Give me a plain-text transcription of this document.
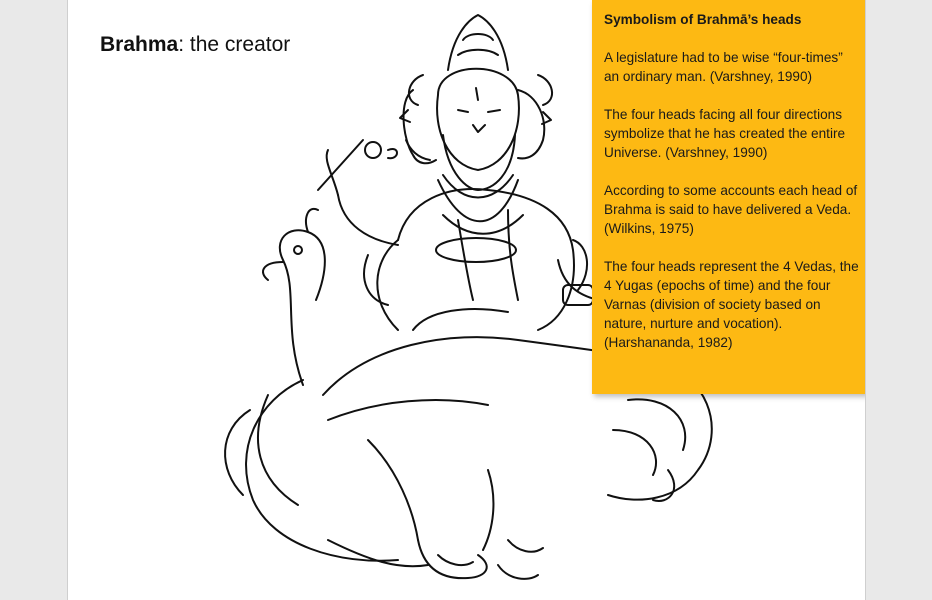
Brahma: the creator
Symbolism of Brahmā’s heads

A legislature had to be wise “four-times” an ordinary man. (Varshney, 1990)

The four heads facing all four directions symbolize that he has created the entire Universe. (Varshney, 1990)

According to some accounts each head of Brahma is said to have delivered a Veda. (Wilkins, 1975)

The four heads represent the 4 Vedas, the 4 Yugas (epochs of time) and the four Varnas (division of society based on nature, nurture and vocation). (Harshananda, 1982)
